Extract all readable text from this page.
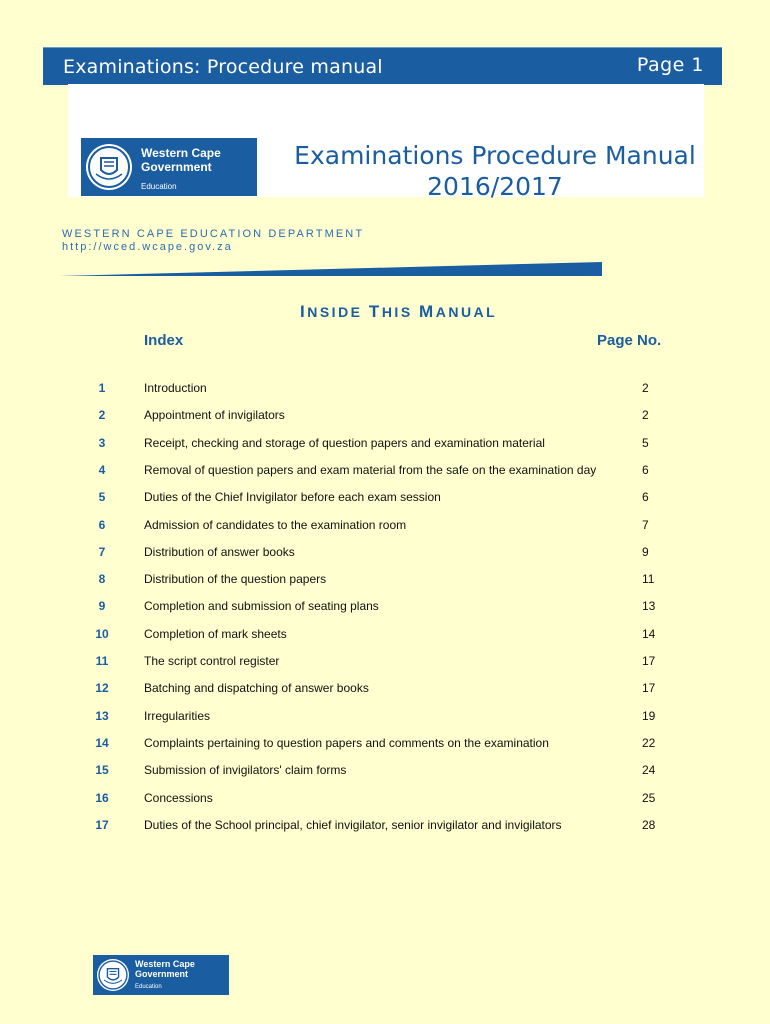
Examinations: Procedure manual	Page 1
Western Cape
Government
Education
Examinations Procedure Manual
2016/2017
WESTERN CAPE EDUCATION DEPARTMENT
http://wced.wcape.gov.za
INSIDE THIS MANUAL
Index	Page No.
1	Introduction	2
2	Appointment of invigilators	2
3	Receipt, checking and storage of question papers and examination material	5
4	Removal of question papers and exam material from the safe on the examination day	6
5	Duties of the Chief Invigilator before each exam session	6
6	Admission of candidates to the examination room	7
7	Distribution of answer books	9
8	Distribution of the question papers	11
9	Completion and submission of seating plans	13
10	Completion of mark sheets	14
11	The script control register	17
12	Batching and dispatching of answer books	17
13	Irregularities	19
14	Complaints pertaining to question papers and comments on the examination	22
15	Submission of invigilators' claim forms	24
16	Concessions	25
17	Duties of the School principal, chief invigilator, senior invigilator and invigilators	28
Western Cape
Government
Education
